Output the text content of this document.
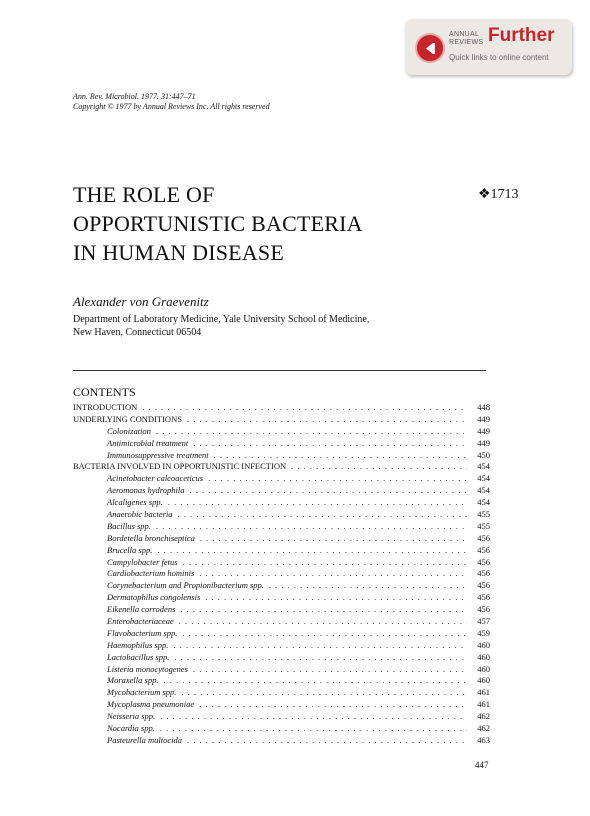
ANNUAL
REVIEWS Further
Quick links to online content
Ann. Rev. Microbiol. 1977. 31:447–71
Copyright © 1977 by Annual Reviews Inc. All rights reserved
THE ROLE OF
OPPORTUNISTIC BACTERIA
IN HUMAN DISEASE
❖1713
Alexander von Graevenitz
Department of Laboratory Medicine, Yale University School of Medicine,
New Haven, Connecticut 06504
CONTENTS
INTRODUCTION . . .	448
UNDERLYING CONDITIONS . . .	449
Colonization . . .	449
Antimicrobial treatment . . .	449
Immunosuppressive treatment . . .	450
BACTERIA INVOLVED IN OPPORTUNISTIC INFECTION . . .	454
Acinetobacter calcoaceticus . . .	454
Aeromonas hydrophila . . .	454
Alcaligenes spp. . . .	454
Anaerobic bacteria . . .	455
Bacillus spp. . . .	455
Bordetella bronchiseptica . . .	456
Brucella spp. . . .	456
Campylobacter fetus . . .	456
Cardiobacterium hominis . . .	456
Corynebacterium and Propionibacterium spp. . . .	456
Dermatophilus congolensis . . .	456
Eikenella corrodens . . .	456
Enterobacteriaceae . . .	457
Flavobacterium spp. . . .	459
Haemophilus spp. . . .	460
Lactobacillus spp. . . .	460
Listeria monocytogenes . . .	460
Moraxella spp. . . .	460
Mycobacterium spp. . . .	461
Mycoplasma pneumoniae . . .	461
Neisseria spp. . . .	462
Nocardia spp. . . .	462
Pasteurella multocida . . .	463
447
